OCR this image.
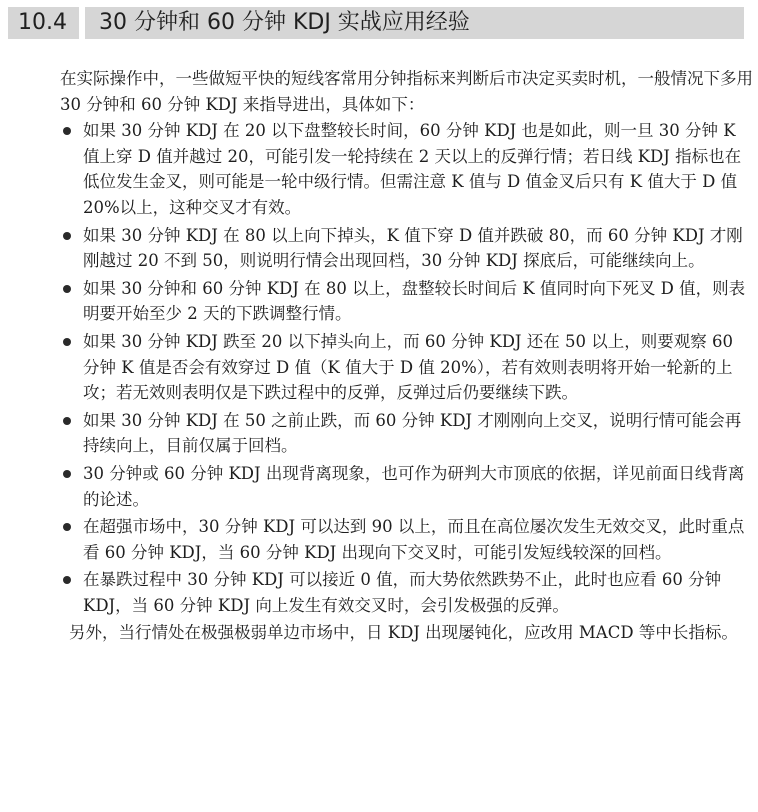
10.4	30 分钟和 60 分钟 KDJ 实战应用经验

在实际操作中，一些做短平快的短线客常用分钟指标来判断后市决定买卖时机，一般情况下多用 30 分钟和 60 分钟 KDJ 来指导进出，具体如下：

如果 30 分钟 KDJ 在 20 以下盘整较长时间，60 分钟 KDJ 也是如此，则一旦 30 分钟 K 值上穿 D 值并越过 20，可能引发一轮持续在 2 天以上的反弹行情；若日线 KDJ 指标也在低位发生金叉，则可能是一轮中级行情。但需注意 K 值与 D 值金叉后只有 K 值大于 D 值 20%以上，这种交叉才有效。
如果 30 分钟 KDJ 在 80 以上向下掉头，K 值下穿 D 值并跌破 80，而 60 分钟 KDJ 才刚刚越过 20 不到 50，则说明行情会出现回档，30 分钟 KDJ 探底后，可能继续向上。
如果 30 分钟和 60 分钟 KDJ 在 80 以上，盘整较长时间后 K 值同时向下死叉 D 值，则表明要开始至少 2 天的下跌调整行情。
如果 30 分钟 KDJ 跌至 20 以下掉头向上，而 60 分钟 KDJ 还在 50 以上，则要观察 60 分钟 K 值是否会有效穿过 D 值（K 值大于 D 值 20%），若有效则表明将开始一轮新的上攻；若无效则表明仅是下跌过程中的反弹，反弹过后仍要继续下跌。
如果 30 分钟 KDJ 在 50 之前止跌，而 60 分钟 KDJ 才刚刚向上交叉，说明行情可能会再持续向上，目前仅属于回档。
30 分钟或 60 分钟 KDJ 出现背离现象，也可作为研判大市顶底的依据，详见前面日线背离的论述。
在超强市场中，30 分钟 KDJ 可以达到 90 以上，而且在高位屡次发生无效交叉，此时重点看 60 分钟 KDJ，当 60 分钟 KDJ 出现向下交叉时，可能引发短线较深的回档。
在暴跌过程中 30 分钟 KDJ 可以接近 0 值，而大势依然跌势不止，此时也应看 60 分钟 KDJ，当 60 分钟 KDJ 向上发生有效交叉时，会引发极强的反弹。

另外，当行情处在极强极弱单边市场中，日 KDJ 出现屡钝化，应改用 MACD 等中长指标。
